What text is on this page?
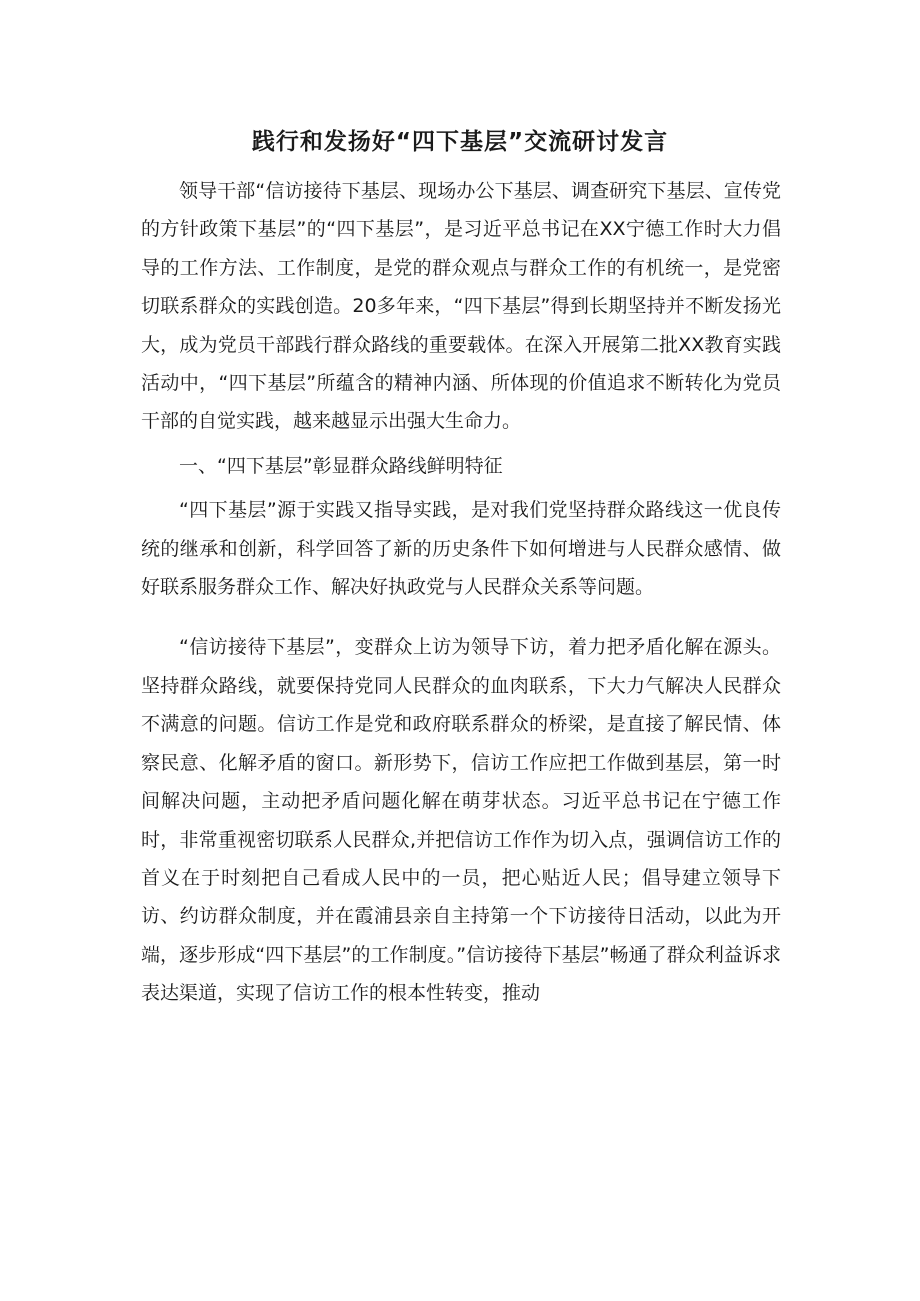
践行和发扬好“四下基层”交流研讨发言

领导干部“信访接待下基层、现场办公下基层、调查研究下基层、宣传党的方针政策下基层”的“四下基层”，是习近平总书记在XX宁德工作时大力倡导的工作方法、工作制度，是党的群众观点与群众工作的有机统一，是党密切联系群众的实践创造。20多年来，“四下基层”得到长期坚持并不断发扬光大，成为党员干部践行群众路线的重要载体。在深入开展第二批XX教育实践活动中，“四下基层”所蕴含的精神内涵、所体现的价值追求不断转化为党员干部的自觉实践，越来越显示出强大生命力。

一、“四下基层”彰显群众路线鲜明特征

“四下基层”源于实践又指导实践，是对我们党坚持群众路线这一优良传统的继承和创新，科学回答了新的历史条件下如何增进与人民群众感情、做好联系服务群众工作、解决好执政党与人民群众关系等问题。

“信访接待下基层”，变群众上访为领导下访，着力把矛盾化解在源头。坚持群众路线，就要保持党同人民群众的血肉联系，下大力气解决人民群众不满意的问题。信访工作是党和政府联系群众的桥梁，是直接了解民情、体察民意、化解矛盾的窗口。新形势下，信访工作应把工作做到基层，第一时间解决问题，主动把矛盾问题化解在萌芽状态。习近平总书记在宁德工作时，非常重视密切联系人民群众,并把信访工作作为切入点，强调信访工作的首义在于时刻把自己看成人民中的一员，把心贴近人民；倡导建立领导下访、约访群众制度，并在霞浦县亲自主持第一个下访接待日活动，以此为开端，逐步形成“四下基层”的工作制度。”信访接待下基层”畅通了群众利益诉求表达渠道，实现了信访工作的根本性转变，推动
